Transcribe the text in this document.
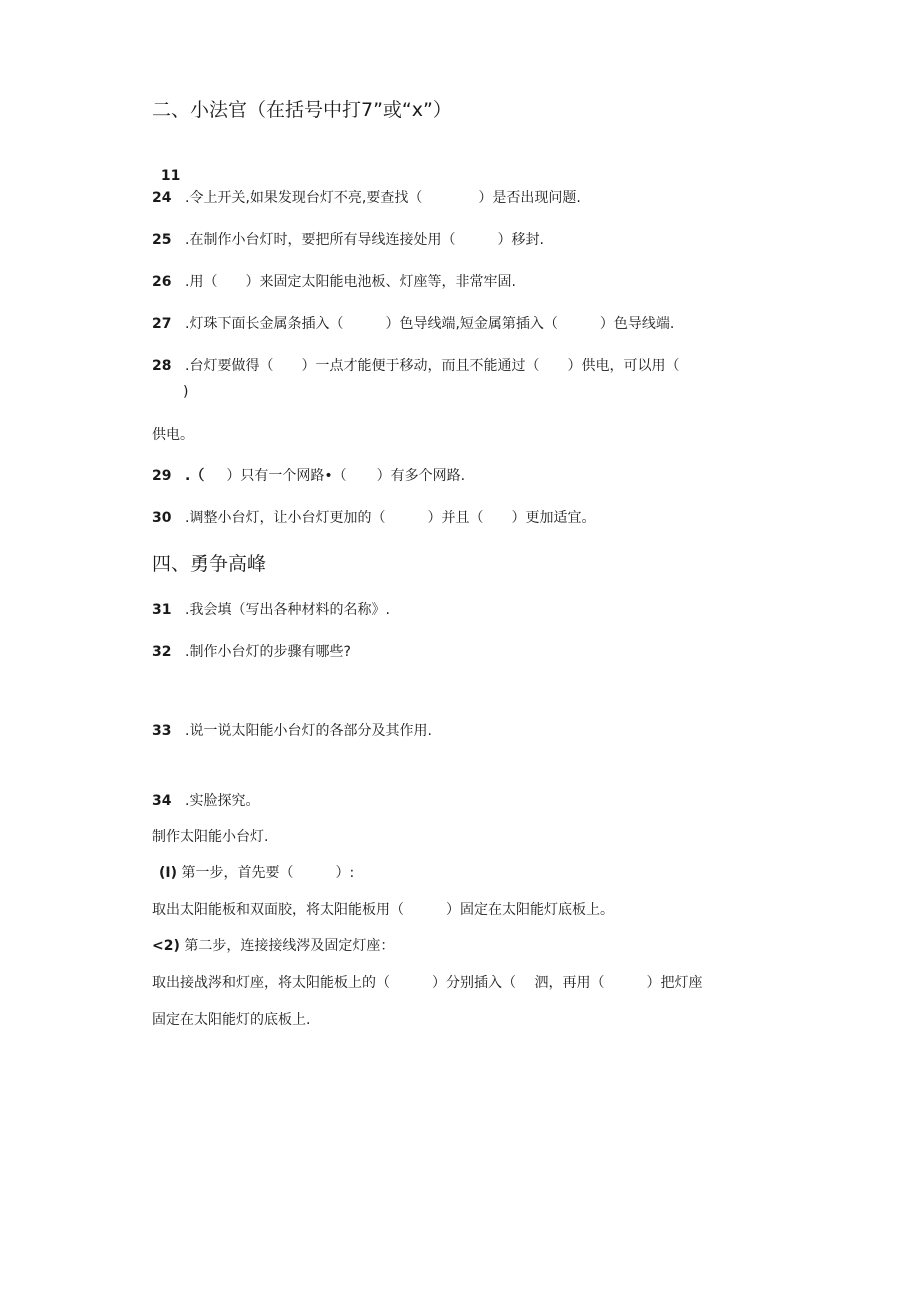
二、小法官（在括号中打7”或“x”）

11

24 .令上开关,如果发现台灯不亮,要查找（　　　　）是否出现问题.
25 .在制作小台灯时，要把所有导线连接处用（　　　）移封.
26 .用（　　）来固定太阳能电池板、灯座等，非常牢固.
27 .灯珠下面长金属条插入（　　　）色导线端,短金属第插入（　　　）色导线端.
28 .台灯要做得（　　）一点才能便于移动，而且不能通过（　　）供电，可以用（
)
供电。
29 .（ ）只有一个网路•（ ）有多个网路.
30 .调整小台灯，让小台灯更加的（　　　）并且（　　）更加适宜。
四、勇争高峰
31 .我会填（写出各种材料的名称》.
32 .制作小台灯的步骤有哪些?
33 .说一说太阳能小台灯的各部分及其作用.
34 .实脸探究。
制作太阳能小台灯.
(I) 第一步，首先要（　　　）:
取出太阳能板和双面胶，将太阳能板用（　　　）固定在太阳能灯底板上。
<2) 第二步，连接接线涔及固定灯座：
取出接战涔和灯座，将太阳能板上的（　　　）分别插入（　 泗，再用（　　　）把灯座
固定在太阳能灯的底板上.
